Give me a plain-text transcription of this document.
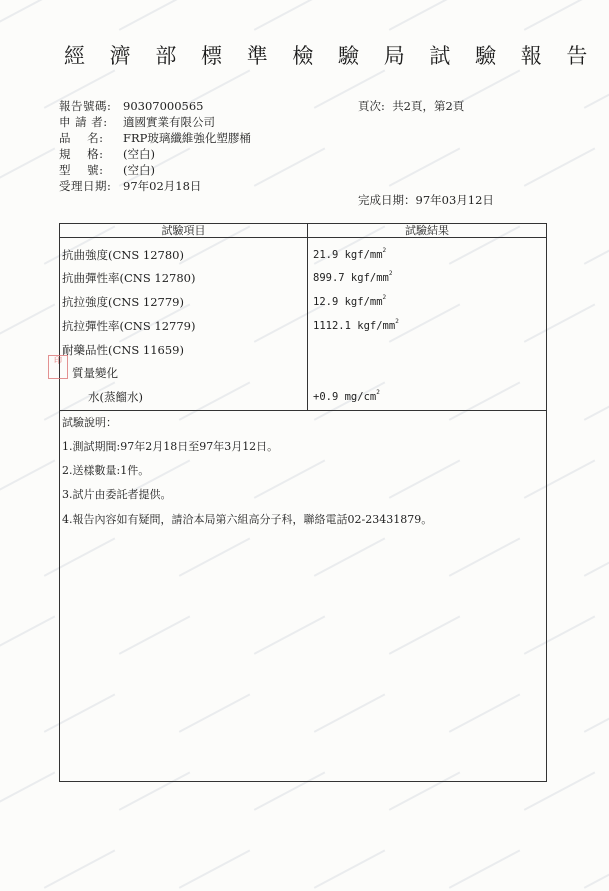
經 濟 部 標 準 檢 驗 局 試 驗 報 告
報告號碼: 90307000565
申 請 者: 適國實業有限公司
品　 名: FRP玻璃纖維強化塑膠桶
規　 格: (空白)
型　 號: (空白)
受理日期: 97年02月18日
頁次: 共2頁，第2頁
完成日期：97年03月12日
試驗項目	試驗結果
印
抗曲強度(CNS 12780)	21.9 kgf/$mm^2$
抗曲彈性率(CNS 12780)	899.7 kgf/$mm^2$
抗拉強度(CNS 12779)	12.9 kgf/$mm^2$
抗拉彈性率(CNS 12779)	1112.1 kgf/$mm^2$
耐藥品性(CNS 11659)
質量變化
水(蒸餾水)	+0.9 $mg/cm^2$
試驗說明：
1.測試期間:97年2月18日至97年3月12日。
2.送樣數量:1件。
3.試片由委託者提供。
4.報告內容如有疑問，請洽本局第六組高分子科，聯絡電話02-23431879。
